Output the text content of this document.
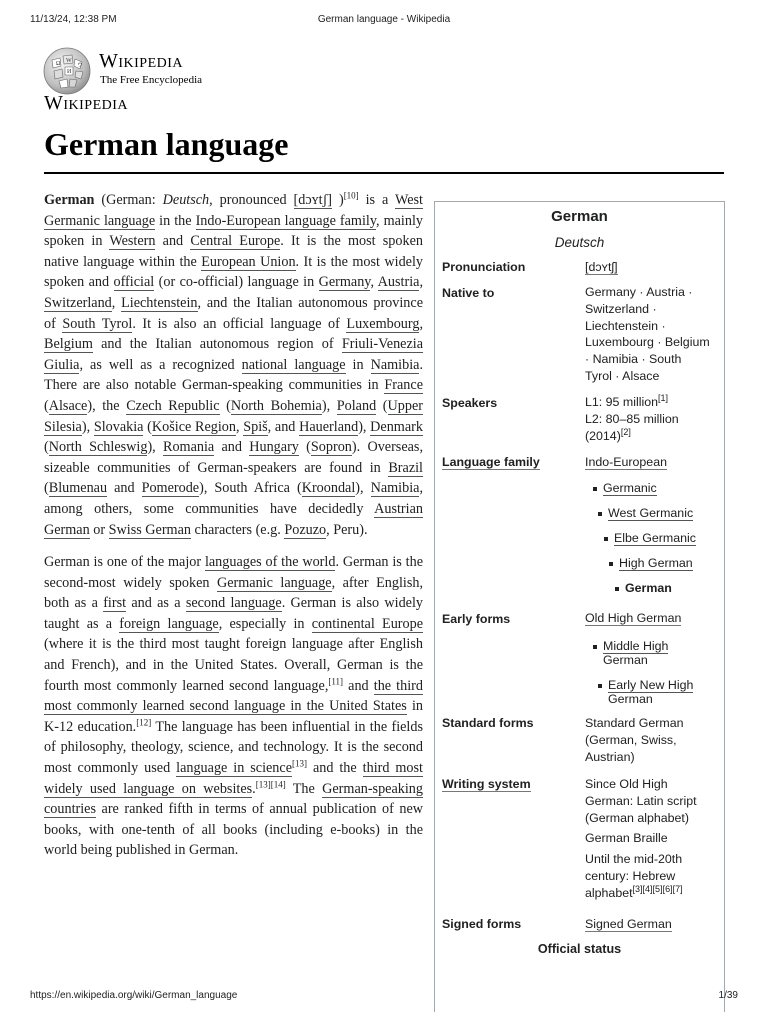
11/13/24, 12:38 PM	German language - Wikipedia
Ω W
И
ウ Wikipedia
The Free Encyclopedia
Wikipedia
German language

German (German: Deutsch, pronounced [dɔʏtʃ] )[10] is a West Germanic language in the Indo-European language family, mainly spoken in Western and Central Europe. It is the most spoken native language within the European Union. It is the most widely spoken and official (or co-official) language in Germany, Austria, Switzerland, Liechtenstein, and the Italian autonomous province of South Tyrol. It is also an official language of Luxembourg, Belgium and the Italian autonomous region of Friuli-Venezia Giulia, as well as a recognized national language in Namibia. There are also notable German-speaking communities in France (Alsace), the Czech Republic (North Bohemia), Poland (Upper Silesia), Slovakia (Košice Region, Spiš, and Hauerland), Denmark (North Schleswig), Romania and Hungary (Sopron). Overseas, sizeable communities of German-speakers are found in Brazil (Blumenau and Pomerode), South Africa (Kroondal), Namibia, among others, some communities have decidedly Austrian German or Swiss German characters (e.g. Pozuzo, Peru).

German is one of the major languages of the world. German is the second-most widely spoken Germanic language, after English, both as a first and as a second language. German is also widely taught as a foreign language, especially in continental Europe (where it is the third most taught foreign language after English and French), and in the United States. Overall, German is the fourth most commonly learned second language,[11] and the third most commonly learned second language in the United States in K-12 education.[12] The language has been influential in the fields of philosophy, theology, science, and technology. It is the second most commonly used language in science[13] and the third most widely used language on websites.[13][14] The German-speaking countries are ranked fifth in terms of annual publication of new books, with one-tenth of all books (including e-books) in the world being published in German.

German
Deutsch
Pronunciation	[dɔʏtʃ]
Native to	Germany · Austria ·
Switzerland ·
Liechtenstein ·
Luxembourg · Belgium
· Namibia · South
Tyrol · Alsace
Speakers	L1: 95 million[1]
L2: 80–85 million
(2014)[2]
Language family	Indo-European
Germanic
West Germanic
Elbe Germanic
High German
German
Early forms	Old High German
Middle High
German
Early New High
German
Standard forms	Standard German
(German, Swiss,
Austrian)
Writing system	Since Old High
German: Latin script
(German alphabet)
German Braille
Until the mid-20th
century: Hebrew
alphabet[3][4][5][6][7]
Signed forms	Signed German
Official status
https://en.wikipedia.org/wiki/German_language	1/39
